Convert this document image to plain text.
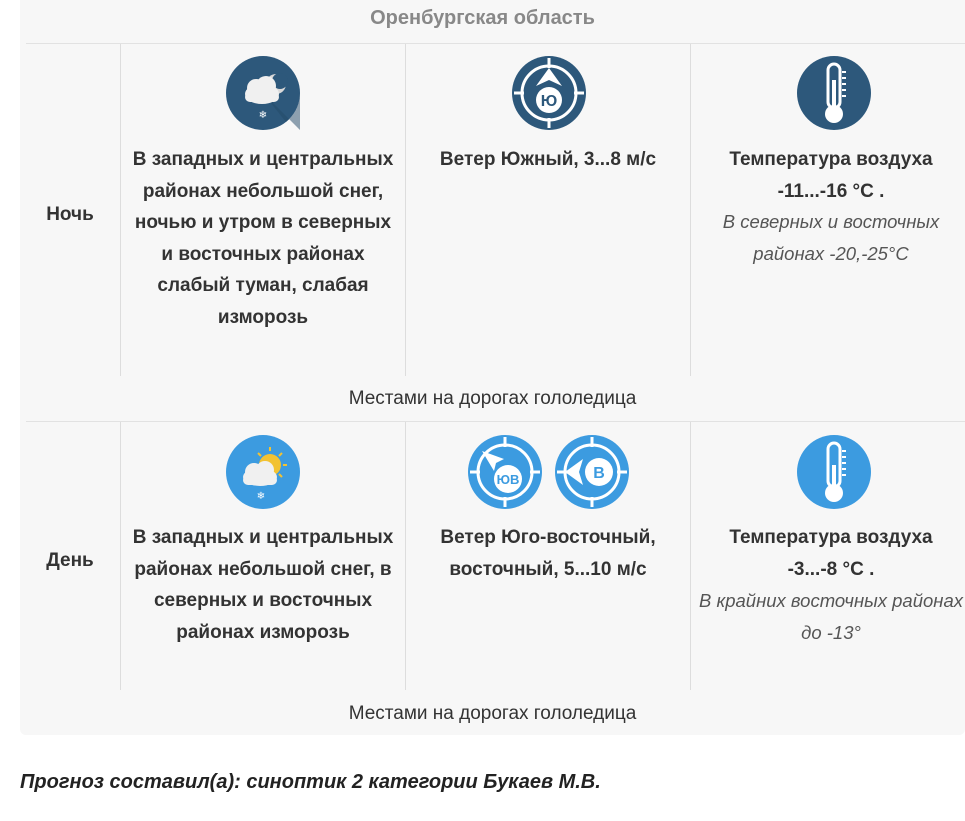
Оренбургская область
Ночь
❄
В западных и центральных районах небольшой снег, ночью и утром в северных и восточных районах слабый туман, слабая изморозь
Ю
Ветер Южный, 3...8 м/с	Температура воздуха
-11...-16 °C .
В северных и восточных районах -20,-25°C
Местами на дорогах гололедица
День
❄
В западных и центральных районах небольшой снег, в северных и восточных районах изморозь
ЮВ	В
Ветер Юго-восточный, восточный, 5...10 м/с
Температура воздуха
-3...-8 °C .
В крайних восточных районах до -13°
Местами на дорогах гололедица
Прогноз составил(а): синоптик 2 категории Букаев М.В.
